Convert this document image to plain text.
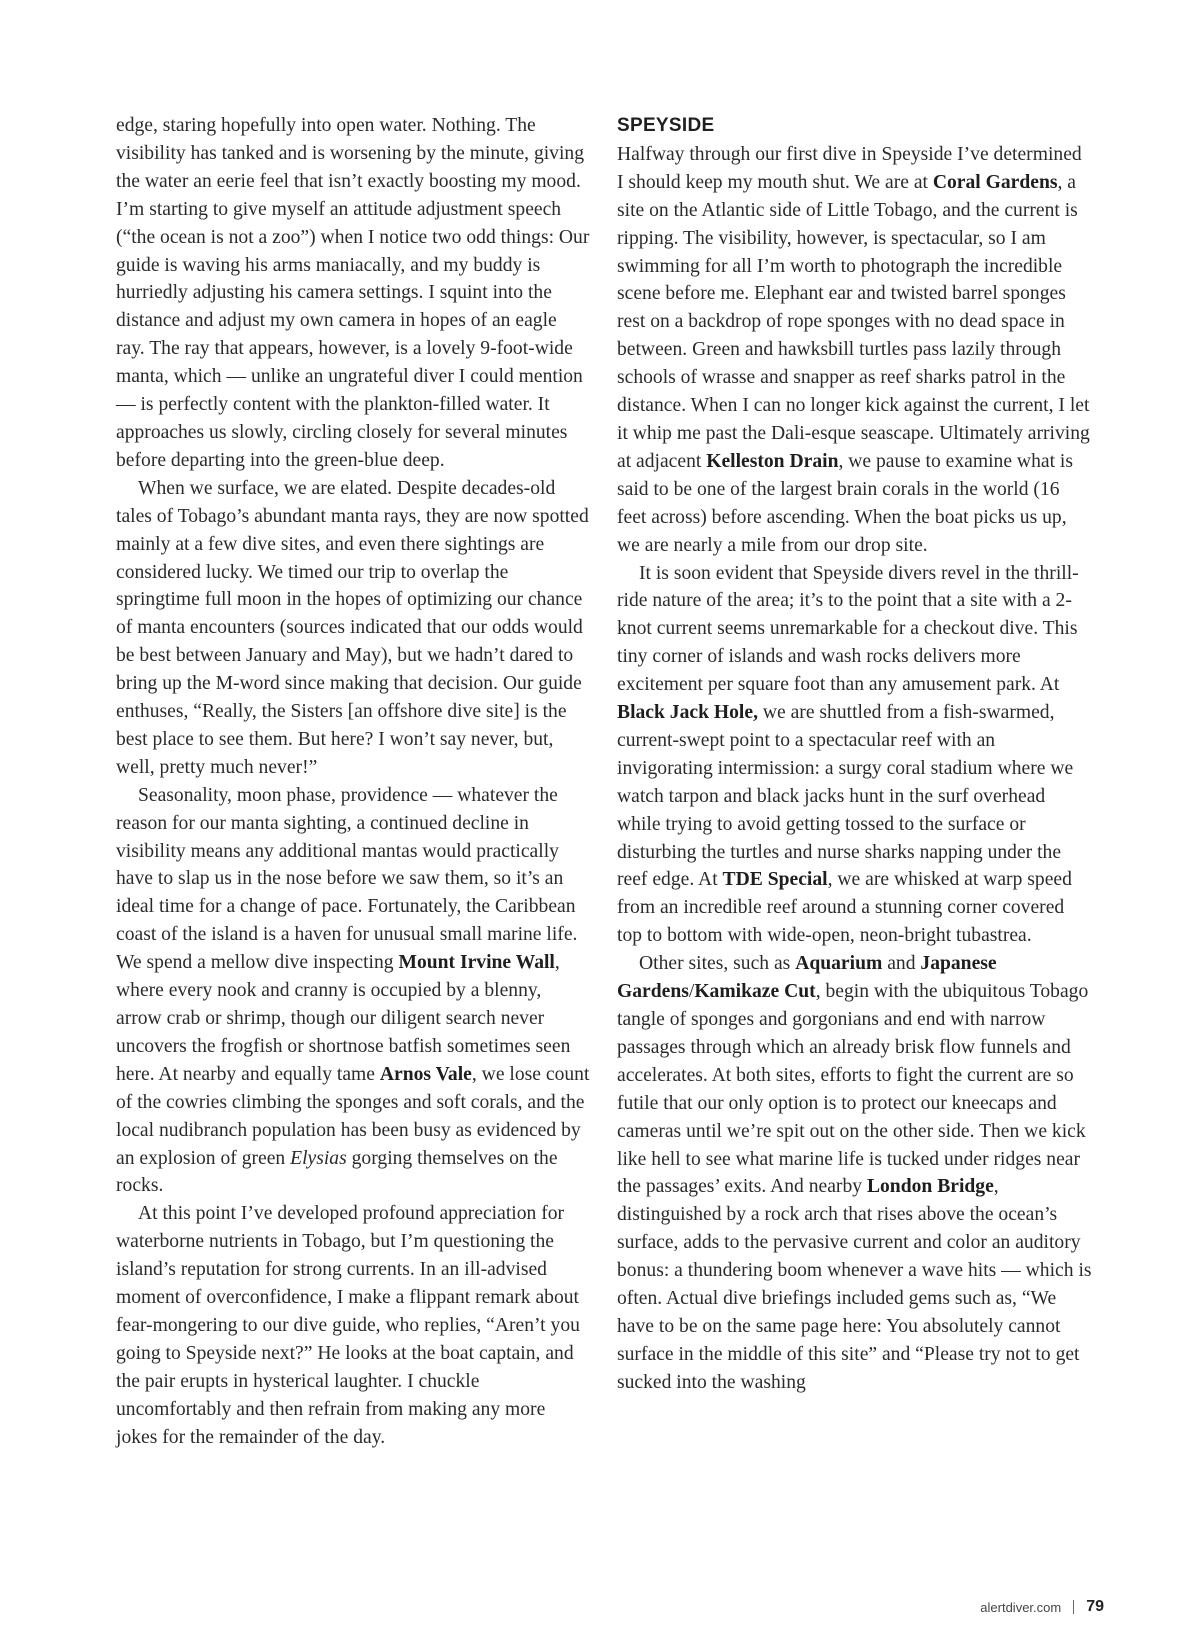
edge, staring hopefully into open water. Nothing. The visibility has tanked and is worsening by the minute, giving the water an eerie feel that isn’t exactly boosting my mood. I’m starting to give myself an attitude adjustment speech (“the ocean is not a zoo”) when I notice two odd things: Our guide is waving his arms maniacally, and my buddy is hurriedly adjusting his camera settings. I squint into the distance and adjust my own camera in hopes of an eagle ray. The ray that appears, however, is a lovely 9-foot-wide manta, which — unlike an ungrateful diver I could mention — is perfectly content with the plankton-filled water. It approaches us slowly, circling closely for several minutes before departing into the green-blue deep.

When we surface, we are elated. Despite decades-old tales of Tobago’s abundant manta rays, they are now spotted mainly at a few dive sites, and even there sightings are considered lucky. We timed our trip to overlap the springtime full moon in the hopes of optimizing our chance of manta encounters (sources indicated that our odds would be best between January and May), but we hadn’t dared to bring up the M-word since making that decision. Our guide enthuses, “Really, the Sisters [an offshore dive site] is the best place to see them. But here? I won’t say never, but, well, pretty much never!”

Seasonality, moon phase, providence — whatever the reason for our manta sighting, a continued decline in visibility means any additional mantas would practically have to slap us in the nose before we saw them, so it’s an ideal time for a change of pace. Fortunately, the Caribbean coast of the island is a haven for unusual small marine life. We spend a mellow dive inspecting Mount Irvine Wall, where every nook and cranny is occupied by a blenny, arrow crab or shrimp, though our diligent search never uncovers the frogfish or shortnose batfish sometimes seen here. At nearby and equally tame Arnos Vale, we lose count of the cowries climbing the sponges and soft corals, and the local nudibranch population has been busy as evidenced by an explosion of green Elysias gorging themselves on the rocks.

At this point I’ve developed profound appreciation for waterborne nutrients in Tobago, but I’m questioning the island’s reputation for strong currents. In an ill-advised moment of overconfidence, I make a flippant remark about fear-mongering to our dive guide, who replies, “Aren’t you going to Speyside next?” He looks at the boat captain, and the pair erupts in hysterical laughter. I chuckle uncomfortably and then refrain from making any more jokes for the remainder of the day.

SPEYSIDE

Halfway through our first dive in Speyside I’ve determined I should keep my mouth shut. We are at Coral Gardens, a site on the Atlantic side of Little Tobago, and the current is ripping. The visibility, however, is spectacular, so I am swimming for all I’m worth to photograph the incredible scene before me. Elephant ear and twisted barrel sponges rest on a backdrop of rope sponges with no dead space in between. Green and hawksbill turtles pass lazily through schools of wrasse and snapper as reef sharks patrol in the distance. When I can no longer kick against the current, I let it whip me past the Dali-esque seascape. Ultimately arriving at adjacent Kelleston Drain, we pause to examine what is said to be one of the largest brain corals in the world (16 feet across) before ascending. When the boat picks us up, we are nearly a mile from our drop site.

It is soon evident that Speyside divers revel in the thrill-ride nature of the area; it’s to the point that a site with a 2-knot current seems unremarkable for a checkout dive. This tiny corner of islands and wash rocks delivers more excitement per square foot than any amusement park. At Black Jack Hole, we are shuttled from a fish-swarmed, current-swept point to a spectacular reef with an invigorating intermission: a surgy coral stadium where we watch tarpon and black jacks hunt in the surf overhead while trying to avoid getting tossed to the surface or disturbing the turtles and nurse sharks napping under the reef edge. At TDE Special, we are whisked at warp speed from an incredible reef around a stunning corner covered top to bottom with wide-open, neon-bright tubastrea.

Other sites, such as Aquarium and Japanese Gardens/Kamikaze Cut, begin with the ubiquitous Tobago tangle of sponges and gorgonians and end with narrow passages through which an already brisk flow funnels and accelerates. At both sites, efforts to fight the current are so futile that our only option is to protect our kneecaps and cameras until we’re spit out on the other side. Then we kick like hell to see what marine life is tucked under ridges near the passages’ exits. And nearby London Bridge, distinguished by a rock arch that rises above the ocean’s surface, adds to the pervasive current and color an auditory bonus: a thundering boom whenever a wave hits — which is often. Actual dive briefings included gems such as, “We have to be on the same page here: You absolutely cannot surface in the middle of this site” and “Please try not to get sucked into the washing

alertdiver.com 79
